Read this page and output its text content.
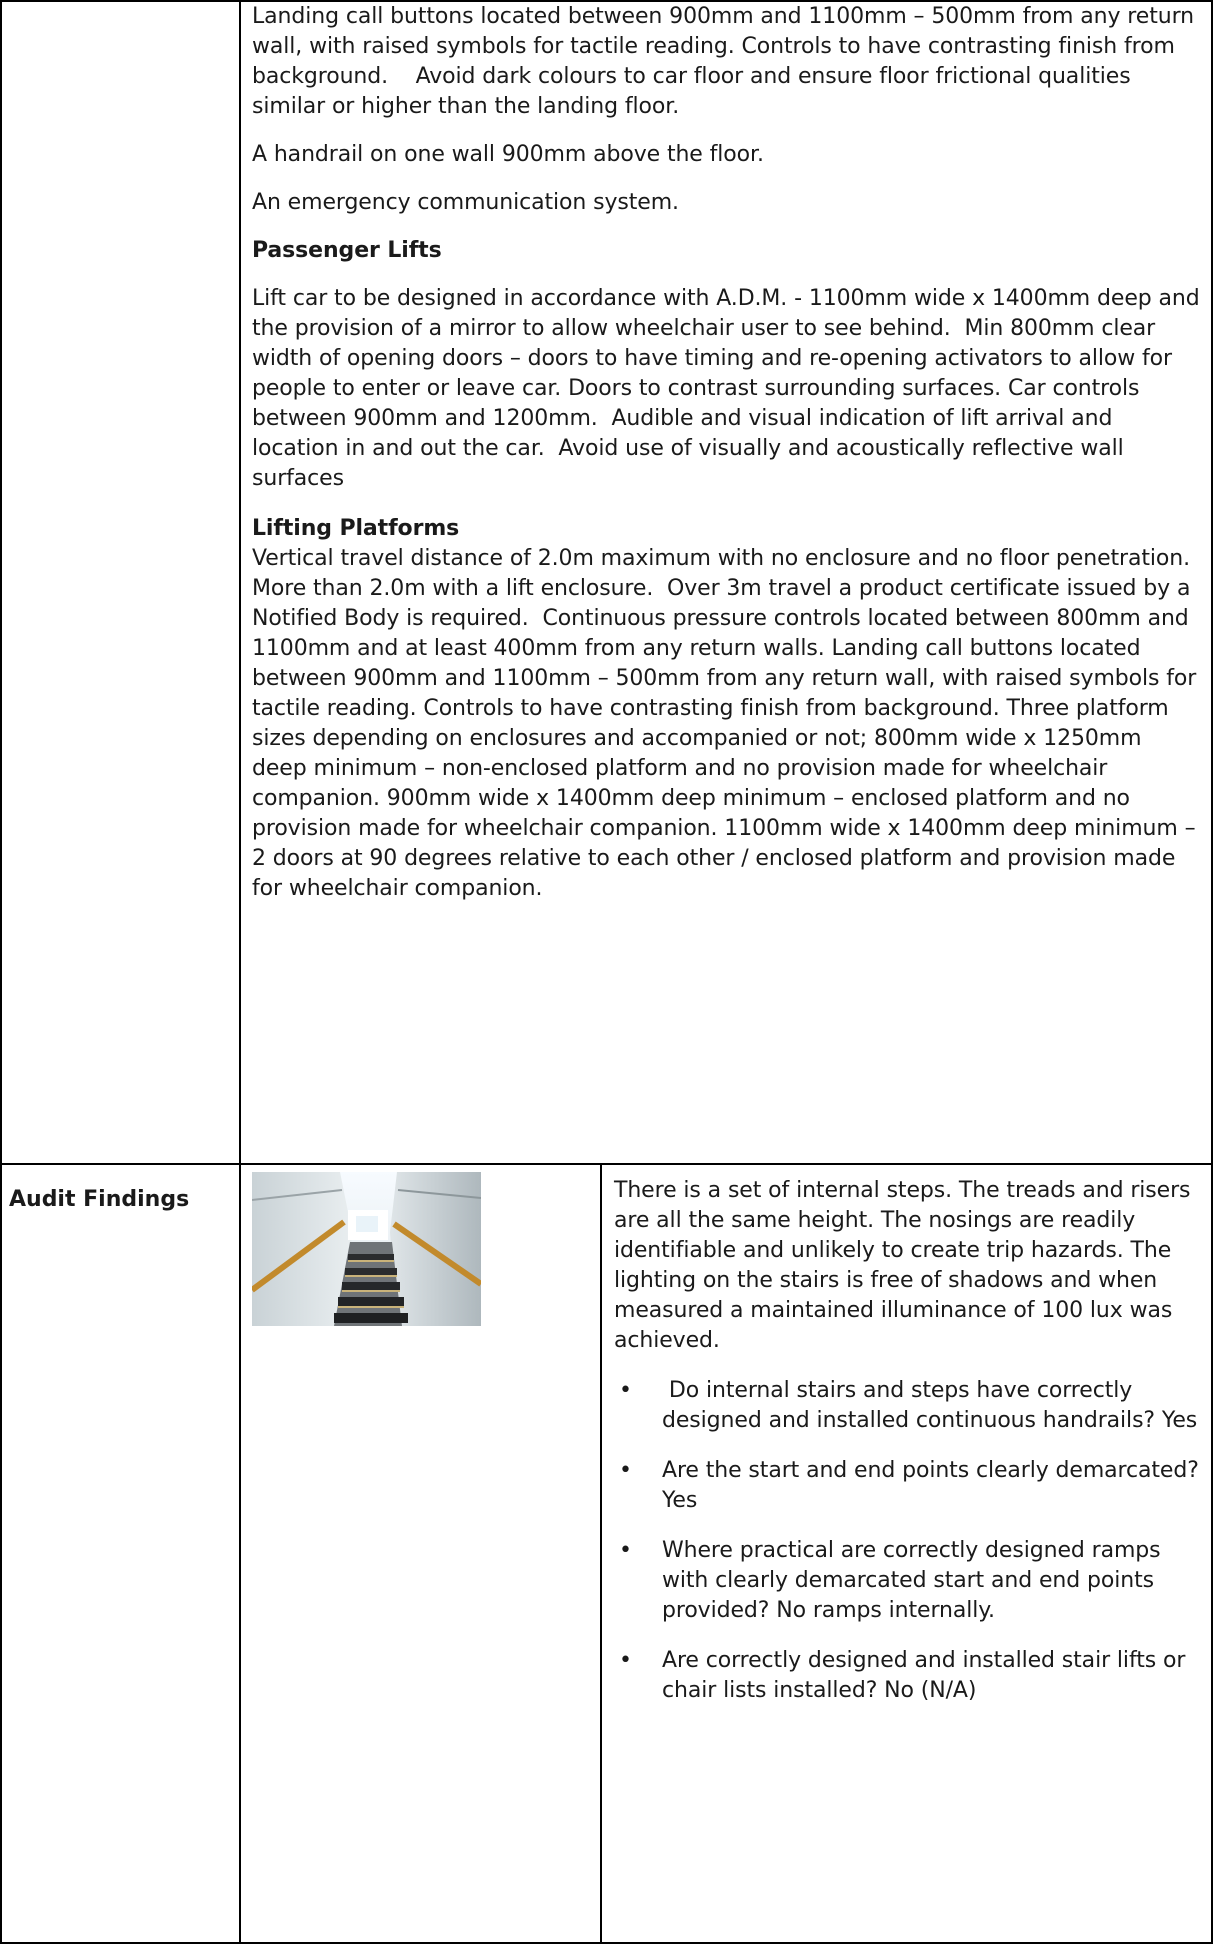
Landing call buttons located between 900mm and 1100mm – 500mm from any return wall, with raised symbols for tactile reading. Controls to have contrasting finish from background.    Avoid dark colours to car floor and ensure floor frictional qualities similar or higher than the landing floor.

A handrail on one wall 900mm above the floor.

An emergency communication system.

Passenger Lifts

Lift car to be designed in accordance with A.D.M. - 1100mm wide x 1400mm deep and the provision of a mirror to allow wheelchair user to see behind.  Min 800mm clear width of opening doors – doors to have timing and re-opening activators to allow for people to enter or leave car. Doors to contrast surrounding surfaces. Car controls between 900mm and 1200mm.  Audible and visual indication of lift arrival and location in and out the car.  Avoid use of visually and acoustically reflective wall surfaces

Lifting Platforms

Vertical travel distance of 2.0m maximum with no enclosure and no floor penetration. More than 2.0m with a lift enclosure.  Over 3m travel a product certificate issued by a Notified Body is required.  Continuous pressure controls located between 800mm and 1100mm and at least 400mm from any return walls. Landing call buttons located between 900mm and 1100mm – 500mm from any return wall, with raised symbols for tactile reading. Controls to have contrasting finish from background. Three platform sizes depending on enclosures and accompanied or not; 800mm wide x 1250mm deep minimum – non-enclosed platform and no provision made for wheelchair companion. 900mm wide x 1400mm deep minimum – enclosed platform and no provision made for wheelchair companion. 1100mm wide x 1400mm deep minimum – 2 doors at 90 degrees relative to each other / enclosed platform and provision made for wheelchair companion.

Audit Findings	There is a set of internal steps. The treads and risers are all the same height. The nosings are readily identifiable and unlikely to create trip hazards. The lighting on the stairs is free of shadows and when measured a maintained illuminance of 100 lux was achieved.

• Do internal stairs and steps have correctly designed and installed continuous handrails? Yes
• Are the start and end points clearly demarcated? Yes
• Where practical are correctly designed ramps with clearly demarcated start and end points provided? No ramps internally.
• Are correctly designed and installed stair lifts or chair lists installed? No (N/A)
